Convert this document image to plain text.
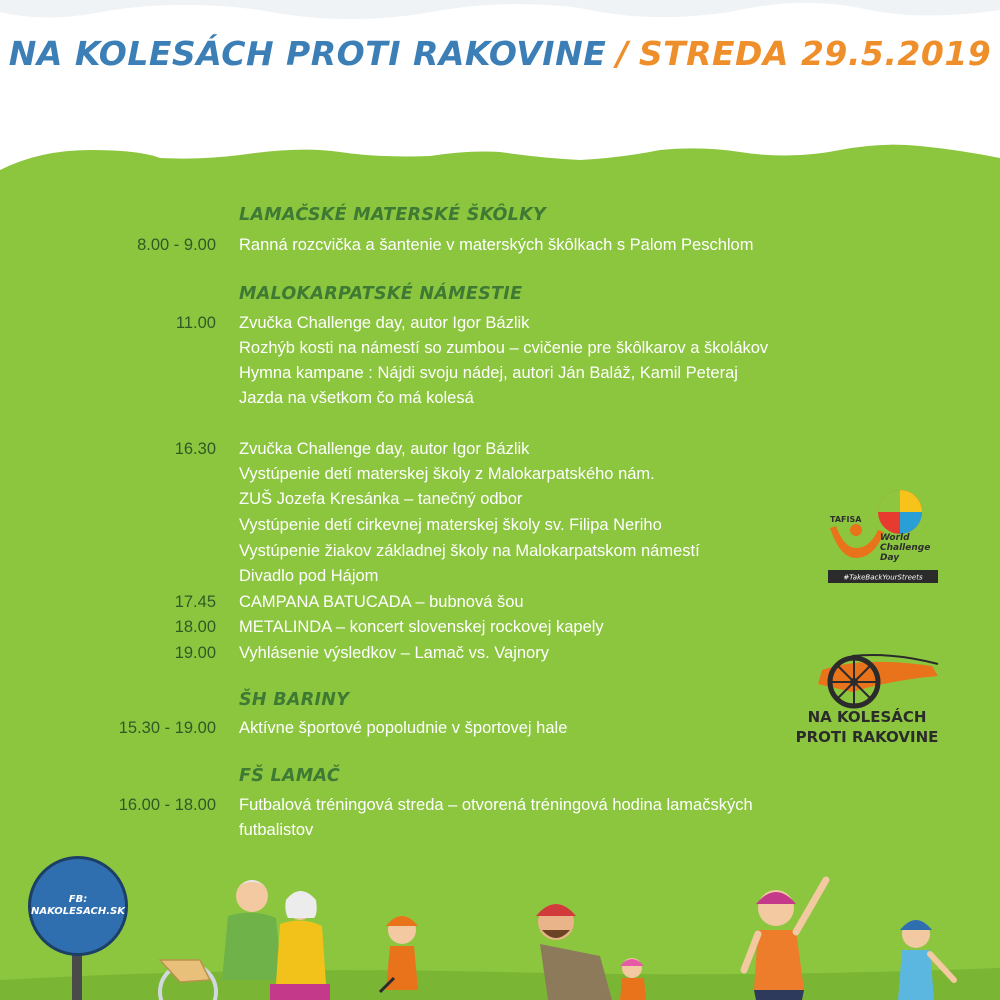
NA KOLESÁCH PROTI RAKOVINE / STREDA 29.5.2019
LAMAČSKÉ MATERSKÉ ŠKÔLKY
8.00 - 9.00 Ranná rozcvička a šantenie v materských škôlkach s Palom Peschlom
MALOKARPATSKÉ NÁMESTIE
11.00 Zvučka Challenge day, autor Igor Bázlik
Rozhýb kosti na námestí so zumbou – cvičenie pre škôlkarov a školákov
Hymna kampane : Nájdi svoju nádej, autori Ján Baláž, Kamil Peteraj
Jazda na všetkom čo má kolesá
16.30 Zvučka Challenge day, autor Igor Bázlik
Vystúpenie detí materskej školy z Malokarpatského nám.
ZUŠ Jozefa Kresánka – tanečný odbor
Vystúpenie detí cirkevnej materskej školy sv. Filipa Neriho
Vystúpenie žiakov základnej školy na Malokarpatskom námestí
Divadlo pod Hájom
17.45 CAMPANA BATUCADA – bubnová šou
18.00 METALINDA – koncert slovenskej rockovej kapely
19.00 Vyhlásenie výsledkov – Lamač vs. Vajnory
ŠH BARINY
15.30 - 19.00 Aktívne športové popoludnie v športovej hale
FŠ LAMAČ
16.00 - 18.00 Futbalová tréningová streda – otvorená tréningová hodina lamačských
futbalistov
TAFISA
World
Challenge
Day
#TakeBackYourStreets
NA KOLESÁCH
PROTI RAKOVINE
FB:
NAKOLESACH.SK
